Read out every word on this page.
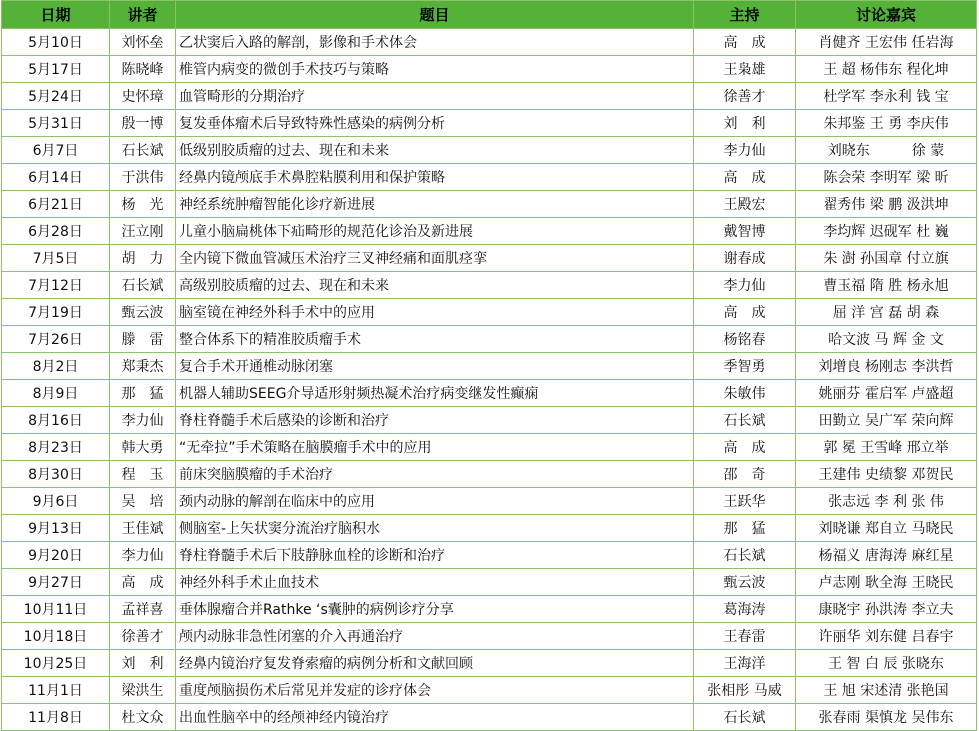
日期	讲者	题目	主持	讨论嘉宾
5月10日	刘怀垒	乙状窦后入路的解剖，影像和手术体会	高　成	肖健齐 王宏伟 任岩海
5月17日	陈晓峰	椎管内病变的微创手术技巧与策略	王枭雄	王 超 杨伟东 程化坤
5月24日	史怀璋	血管畸形的分期治疗	徐善才	杜学军 李永利 钱 宝
5月31日	殷一博	复发垂体瘤术后导致特殊性感染的病例分析	刘　利	朱邦鉴 王 勇 李庆伟
6月7日	石长斌	低级别胶质瘤的过去、现在和未来	李力仙	刘晓东　　　徐 蒙
6月14日	于洪伟	经鼻内镜颅底手术鼻腔粘膜利用和保护策略	高　成	陈会荣 李明军 梁 昕
6月21日	杨　光	神经系统肿瘤智能化诊疗新进展	王殿宏	翟秀伟 梁 鹏 汲洪坤
6月28日	汪立刚	儿童小脑扁桃体下疝畸形的规范化诊治及新进展	戴智博	李均辉 迟砚军 杜 巍
7月5日	胡　力	全内镜下微血管减压术治疗三叉神经痛和面肌痉挛	谢春成	朱 澍 孙国章 付立旗
7月12日	石长斌	高级别胶质瘤的过去、现在和未来	李力仙	曹玉福 隋 胜 杨永旭
7月19日	甄云波	脑室镜在神经外科手术中的应用	高　成	屈 洋 宫 磊 胡 森
7月26日	滕　雷	整合体系下的精准胶质瘤手术	杨铭春	哈文波 马 辉 金 文
8月2日	郑秉杰	复合手术开通椎动脉闭塞	季智勇	刘增良 杨刚志 李洪哲
8月9日	那　猛	机器人辅助SEEG介导适形射频热凝术治疗病变继发性癫痫	朱敏伟	姚丽芬 霍启军 卢盛超
8月16日	李力仙	脊柱脊髓手术后感染的诊断和治疗	石长斌	田勤立 吴广军 荣向辉
8月23日	韩大勇	“无牵拉”手术策略在脑膜瘤手术中的应用	高　成	郭 冕 王雪峰 邢立举
8月30日	程　玉	前床突脑膜瘤的手术治疗	邵　奇	王建伟 史绩黎 邓贺民
9月6日	吴　培	颈内动脉的解剖在临床中的应用	王跃华	张志远 李 利 张 伟
9月13日	王佳斌	侧脑室-上矢状窦分流治疗脑积水	那　猛	刘晓谦 郑自立 马晓民
9月20日	李力仙	脊柱脊髓手术后下肢静脉血栓的诊断和治疗	石长斌	杨福义 唐海涛 麻红星
9月27日	高　成	神经外科手术止血技术	甄云波	卢志刚 耿全海 王晓民
10月11日	孟祥喜	垂体腺瘤合并Rathke ‘s囊肿的病例诊疗分享	葛海涛	康晓宇 孙洪涛 李立夫
10月18日	徐善才	颅内动脉非急性闭塞的介入再通治疗	王春雷	许丽华 刘东健 吕春宇
10月25日	刘　利	经鼻内镜治疗复发脊索瘤的病例分析和文献回顾	王海洋	王 智 白 辰 张晓东
11月1日	梁洪生	重度颅脑损伤术后常见并发症的诊疗体会	张相彤 马威	王 旭 宋述清 张艳国
11月8日	杜文众	出血性脑卒中的经颅神经内镜治疗	石长斌	张春雨 渠慎龙 吴伟东
